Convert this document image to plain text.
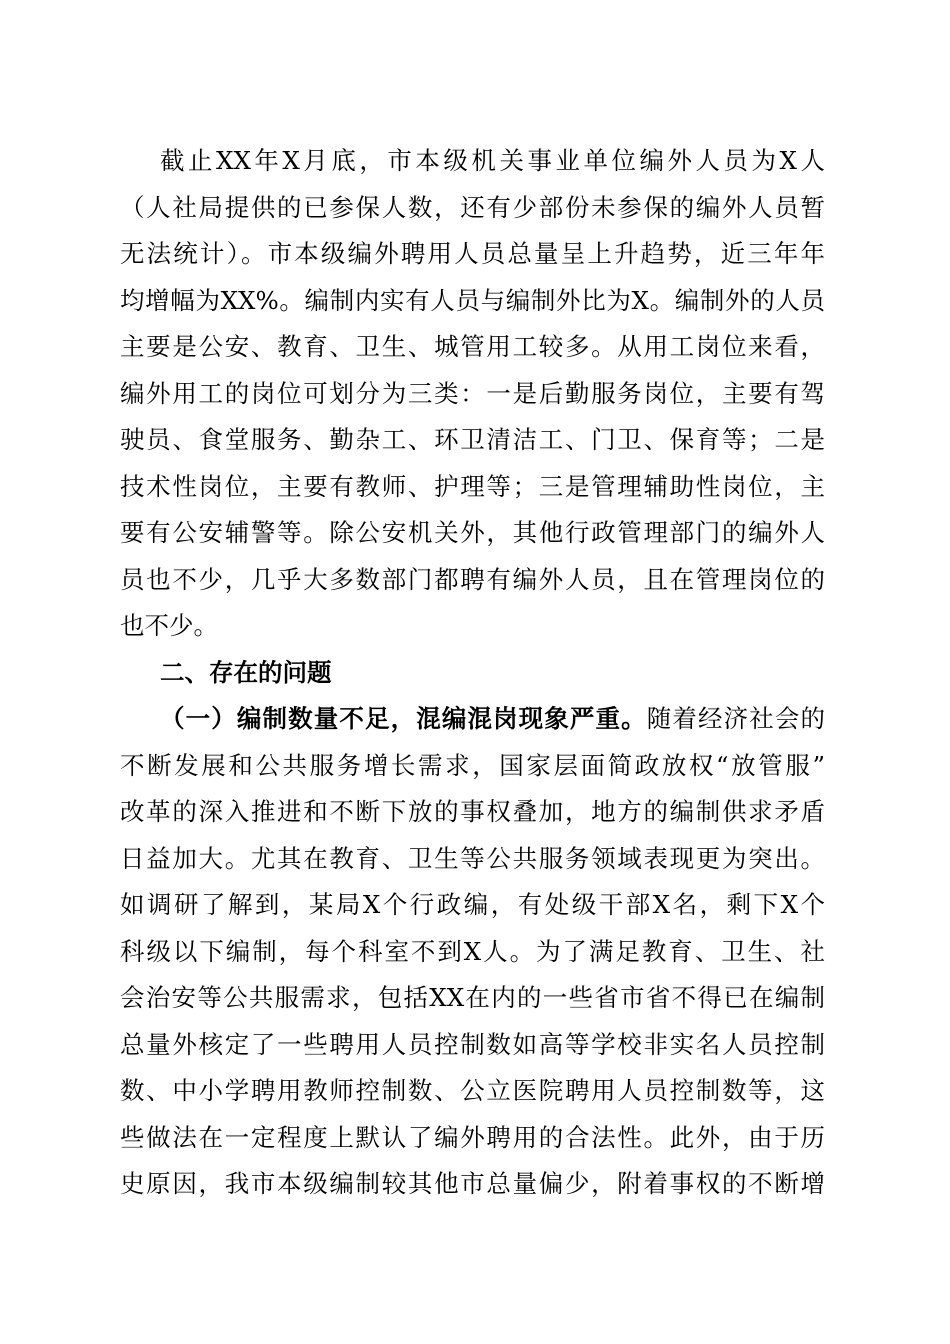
截止XX年X月底，市本级机关事业单位编外人员为X人
（人社局提供的已参保人数，还有少部份未参保的编外人员暂
无法统计）。市本级编外聘用人员总量呈上升趋势，近三年年
均增幅为XX%。编制内实有人员与编制外比为X。编制外的人员
主要是公安、教育、卫生、城管用工较多。从用工岗位来看，
编外用工的岗位可划分为三类：一是后勤服务岗位，主要有驾
驶员、食堂服务、勤杂工、环卫清洁工、门卫、保育等；二是
技术性岗位，主要有教师、护理等；三是管理辅助性岗位，主
要有公安辅警等。除公安机关外，其他行政管理部门的编外人
员也不少，几乎大多数部门都聘有编外人员，且在管理岗位的
也不少。
二、存在的问题
（一）编制数量不足，混编混岗现象严重。随着经济社会的
不断发展和公共服务增长需求，国家层面简政放权“放管服”
改革的深入推进和不断下放的事权叠加，地方的编制供求矛盾
日益加大。尤其在教育、卫生等公共服务领域表现更为突出。
如调研了解到，某局X个行政编，有处级干部X名，剩下X个
科级以下编制，每个科室不到X人。为了满足教育、卫生、社
会治安等公共服需求，包括XX在内的一些省市省不得已在编制
总量外核定了一些聘用人员控制数如高等学校非实名人员控制
数、中小学聘用教师控制数、公立医院聘用人员控制数等，这
些做法在一定程度上默认了编外聘用的合法性。此外，由于历
史原因，我市本级编制较其他市总量偏少，附着事权的不断增
